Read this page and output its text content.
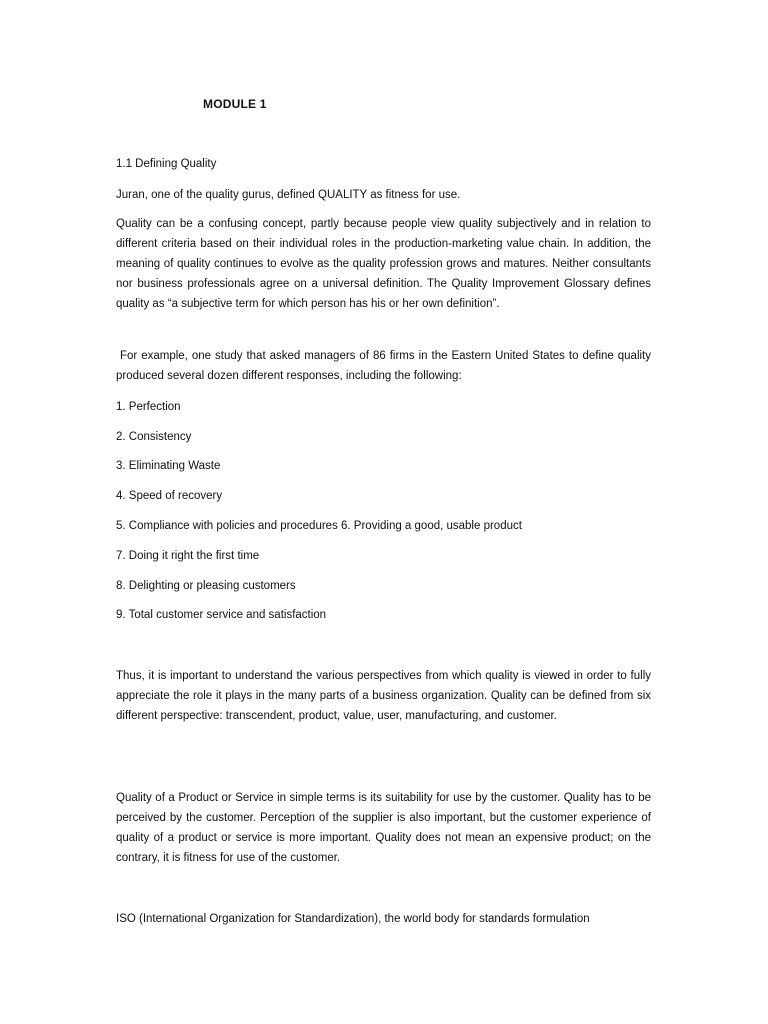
MODULE 1
1.1 Defining Quality

Juran, one of the quality gurus, defined QUALITY as fitness for use.

Quality can be a confusing concept, partly because people view quality subjectively and in relation to different criteria based on their individual roles in the production-marketing value chain. In addition, the meaning of quality continues to evolve as the quality profession grows and matures. Neither consultants nor business professionals agree on a universal definition. The Quality Improvement Glossary defines quality as “a subjective term for which person has his or her own definition”.

For example, one study that asked managers of 86 firms in the Eastern United States to define quality produced several dozen different responses, including the following:

1. Perfection
2. Consistency
3. Eliminating Waste
4. Speed of recovery
5. Compliance with policies and procedures 6. Providing a good, usable product
7. Doing it right the first time
8. Delighting or pleasing customers
9. Total customer service and satisfaction

Thus, it is important to understand the various perspectives from which quality is viewed in order to fully appreciate the role it plays in the many parts of a business organization. Quality can be defined from six different perspective: transcendent, product, value, user, manufacturing, and customer.

Quality of a Product or Service in simple terms is its suitability for use by the customer. Quality has to be perceived by the customer. Perception of the supplier is also important, but the customer experience of quality of a product or service is more important. Quality does not mean an expensive product; on the contrary, it is fitness for use of the customer.

ISO (International Organization for Standardization), the world body for standards formulation
